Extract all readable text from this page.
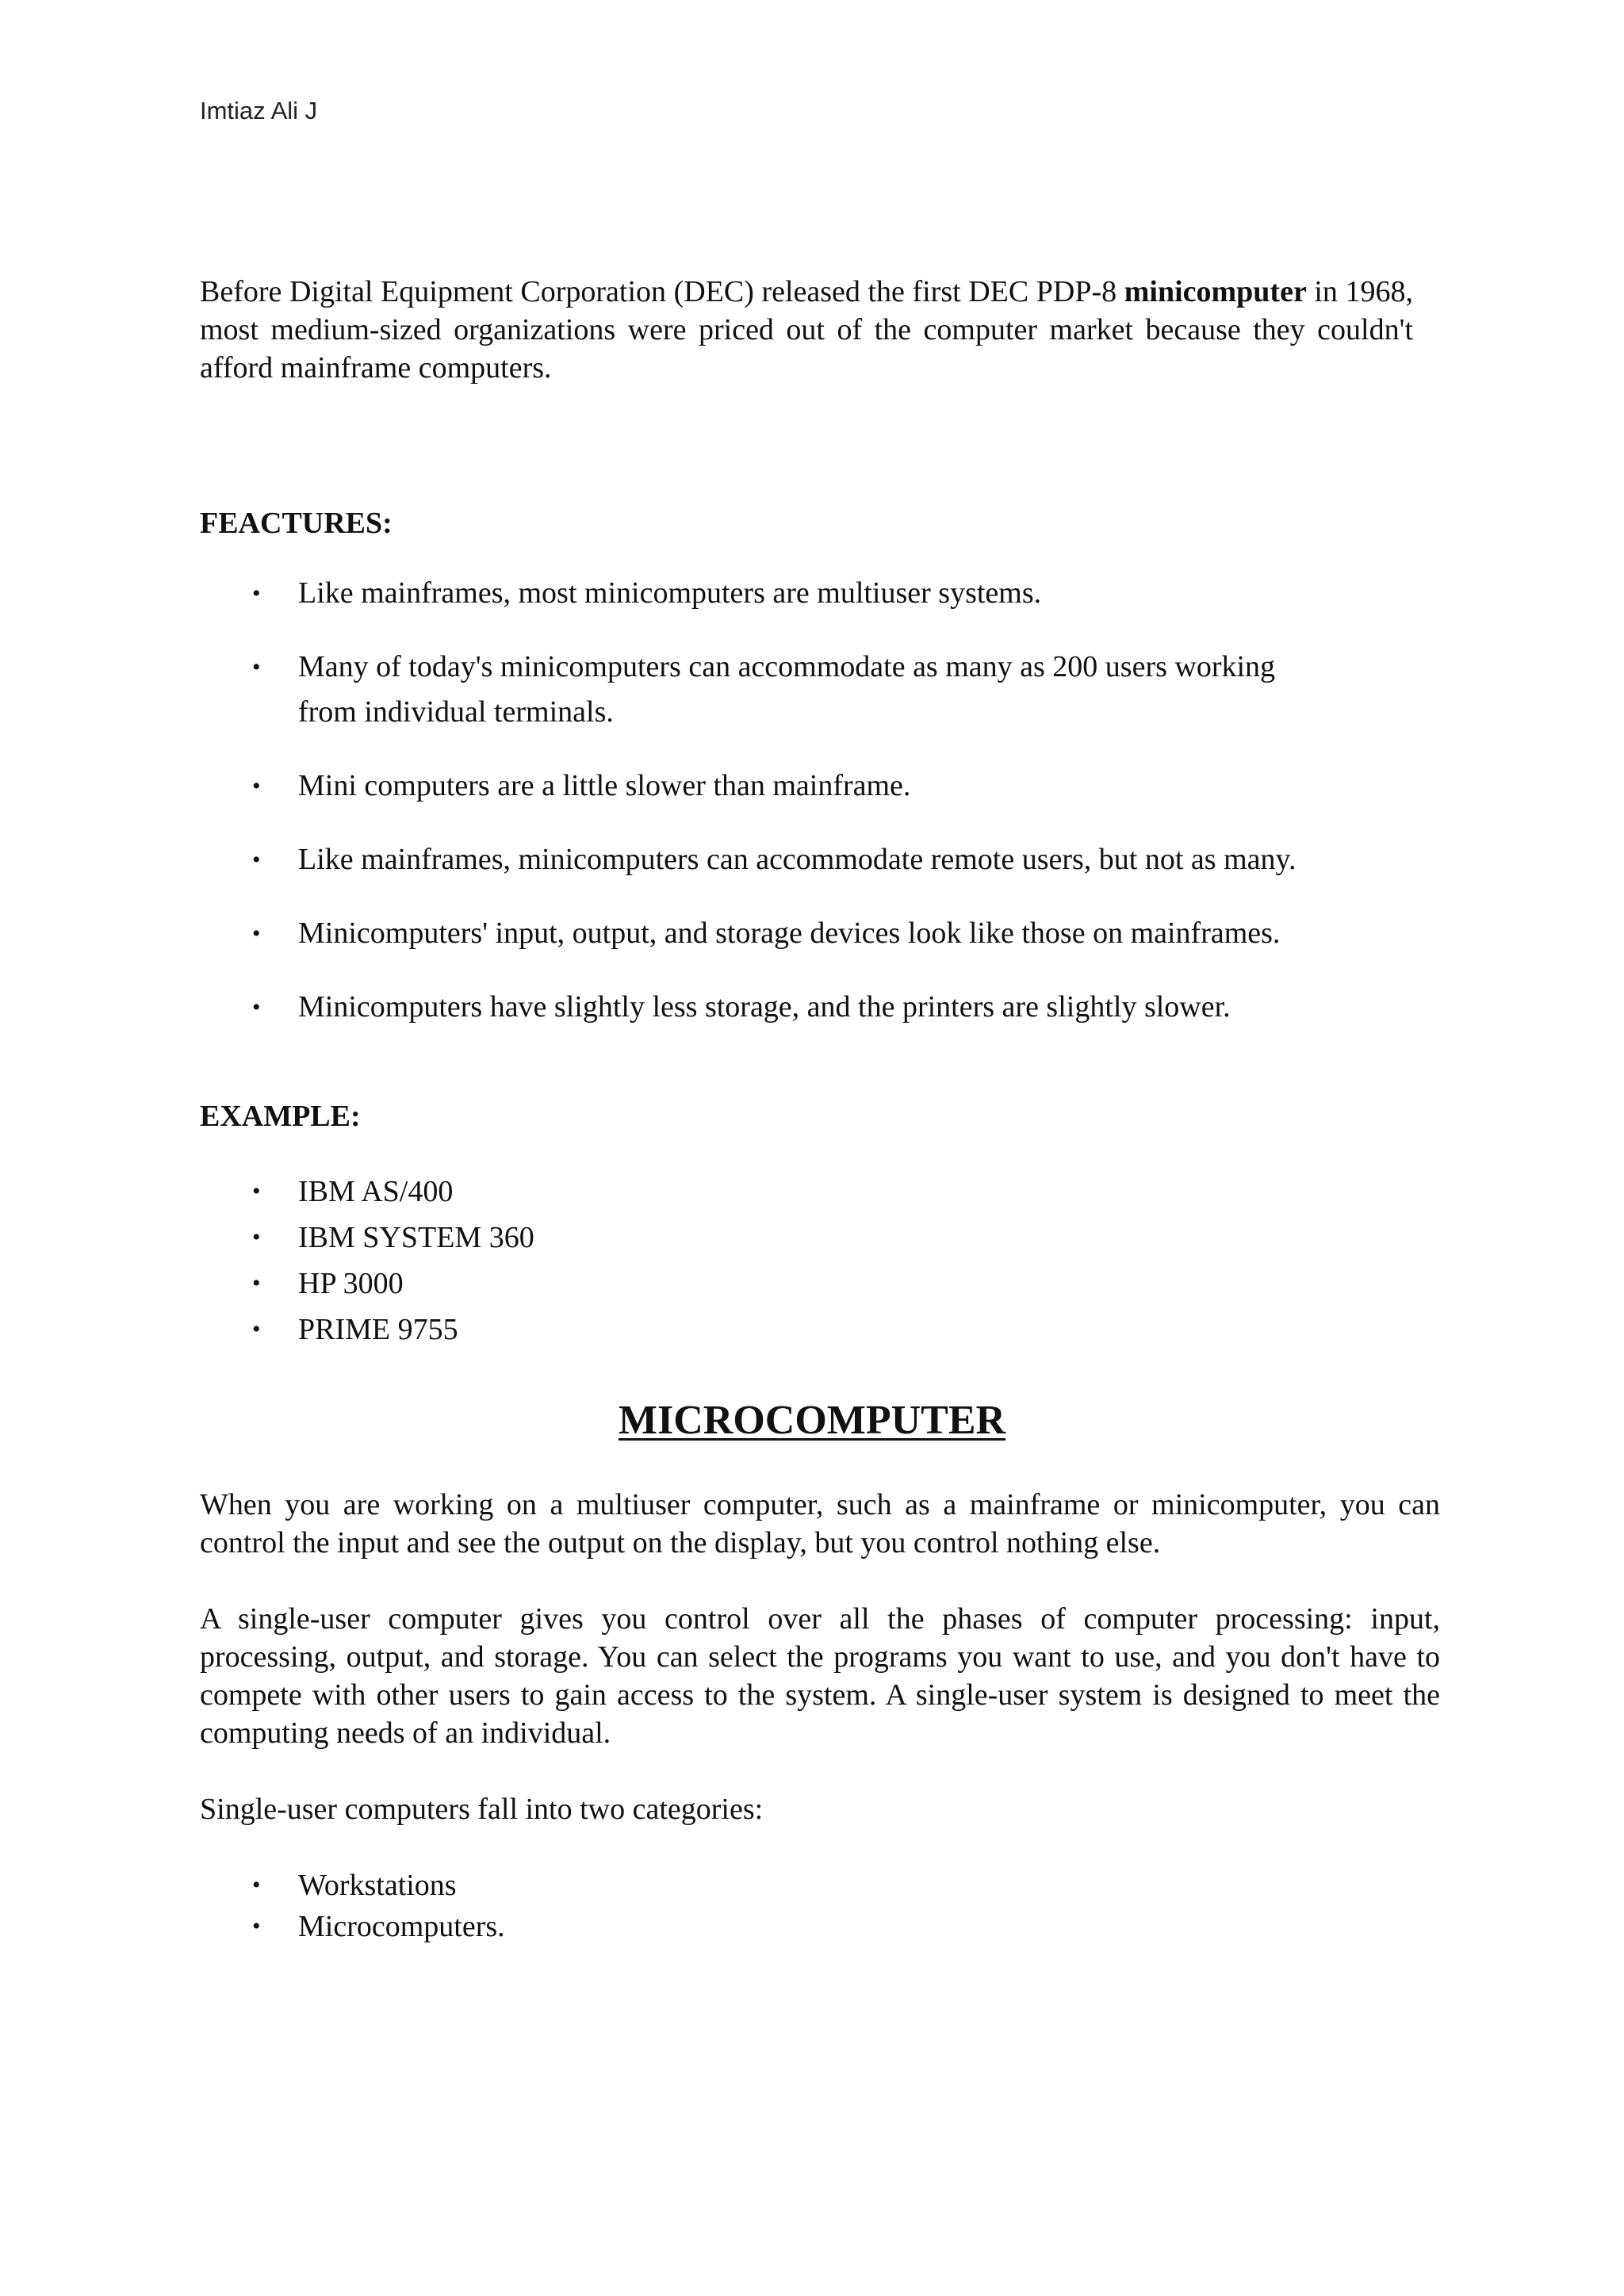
Imtiaz Ali J

Before Digital Equipment Corporation (DEC) released the first DEC PDP-8 minicomputer in 1968, most medium-sized organizations were priced out of the computer market because they couldn't afford mainframe computers.

FEACTURES:
• Like mainframes, most minicomputers are multiuser systems.
• Many of today's minicomputers can accommodate as many as 200 users working from individual terminals.
• Mini computers are a little slower than mainframe.
• Like mainframes, minicomputers can accommodate remote users, but not as many.
• Minicomputers' input, output, and storage devices look like those on mainframes.
• Minicomputers have slightly less storage, and the printers are slightly slower.
EXAMPLE:
• IBM AS/400
• IBM SYSTEM 360
• HP 3000
• PRIME 9755
MICROCOMPUTER

When you are working on a multiuser computer, such as a mainframe or minicomputer, you can control the input and see the output on the display, but you control nothing else.

A single-user computer gives you control over all the phases of computer processing: input, processing, output, and storage. You can select the programs you want to use, and you don't have to compete with other users to gain access to the system. A single-user system is designed to meet the computing needs of an individual.

Single-user computers fall into two categories:

• Workstations
• Microcomputers.
